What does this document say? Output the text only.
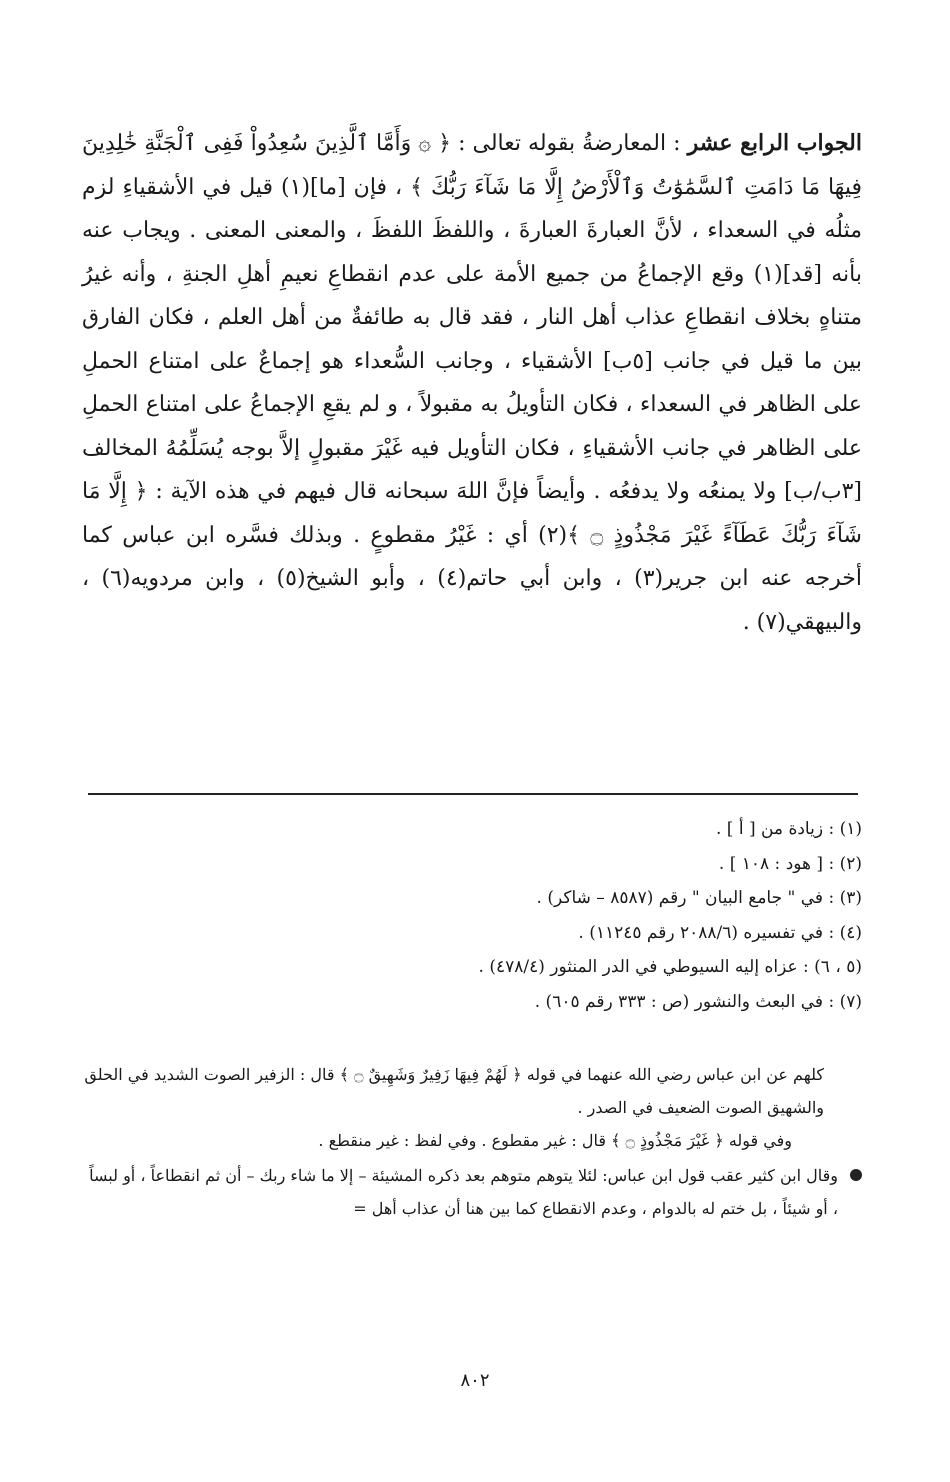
الجواب الرابع عشر : المعارضةُ بقوله تعالى : ﴿ ۞ وَأَمَّا ٱلَّذِينَ سُعِدُواْ فَفِى ٱلْجَنَّةِ خَٰلِدِينَ فِيهَا مَا دَامَتِ ٱلسَّمَٰوَٰتُ وَٱلْأَرْضُ إِلَّا مَا شَآءَ رَبُّكَ ﴾ ، فإن [ما](١) قيل في الأشقياءِ لزم مثلُه في السعداء ، لأنَّ العبارةَ العبارةَ ، واللفظَ اللفظَ ، والمعنى المعنى . ويجاب عنه بأنه [قد](١) وقع الإجماعُ من جميع الأمة على عدم انقطاعِ نعيمِ أهلِ الجنةِ ، وأنه غيرُ متناهٍ بخلاف انقطاعِ عذاب أهل النار ، فقد قال به طائفةٌ من أهل العلم ، فكان الفارق بين ما قيل في جانب [٥ب] الأشقياء ، وجانب السُّعداء هو إجماعٌ على امتناع الحملِ على الظاهر في السعداء ، فكان التأويلُ به مقبولاً ، و لم يقعِ الإجماعُ على امتناع الحملِ على الظاهر في جانب الأشقياءِ ، فكان التأويل فيه غَيْرَ مقبولٍ إلاَّ بوجه يُسَلِّمُهُ المخالف [٣ب/ب] ولا يمنعُه ولا يدفعُه . وأيضاً فإنَّ اللهَ سبحانه قال فيهم في هذه الآية : ﴿ إِلَّا مَا شَآءَ رَبُّكَ عَطَآءً غَيْرَ مَجْذُوذٍ ۝ ﴾(٢) أي : غَيْرُ مقطوعٍ . وبذلك فسَّره ابن عباس كما أخرجه عنه ابن جرير(٣) ، وابن أبي حاتم(٤) ، وأبو الشيخ(٥) ، وابن مردويه(٦) ، والبيهقي(٧) .

(١) : زيادة من [ أ ] .

(٢) : [ هود : ١٠٨ ] .

(٣) : في " جامع البيان " رقم (٨٥٨٧ – شاكر) .

(٤) : في تفسيره (٢٠٨٨/٦ رقم ١١٢٤٥) .

(٥ ، ٦) : عزاه إليه السيوطي في الدر المنثور (٤٧٨/٤) .

(٧) : في البعث والنشور (ص : ٣٣٣ رقم ٦٠٥) .

كلهم عن ابن عباس رضي الله عنهما في قوله ﴿ لَهُمْ فِيهَا زَفِيرٌ وَشَهِيقٌ ۝ ﴾ قال : الزفير الصوت الشديد في الحلق والشهيق الصوت الضعيف في الصدر .

وفي قوله ﴿ غَيْرَ مَجْذُوذٍ ۝ ﴾ قال : غير مقطوع . وفي لفظ : غير منقطع .

وقال ابن كثير عقب قول ابن عباس: لئلا يتوهم متوهم بعد ذكره المشيئة – إلا ما شاء ربك – أن ثم انقطاعاً ، أو لبساً ، أو شيئاً ، بل ختم له بالدوام ، وعدم الانقطاع كما بين هنا أن عذاب أهل =
٨٠٢
